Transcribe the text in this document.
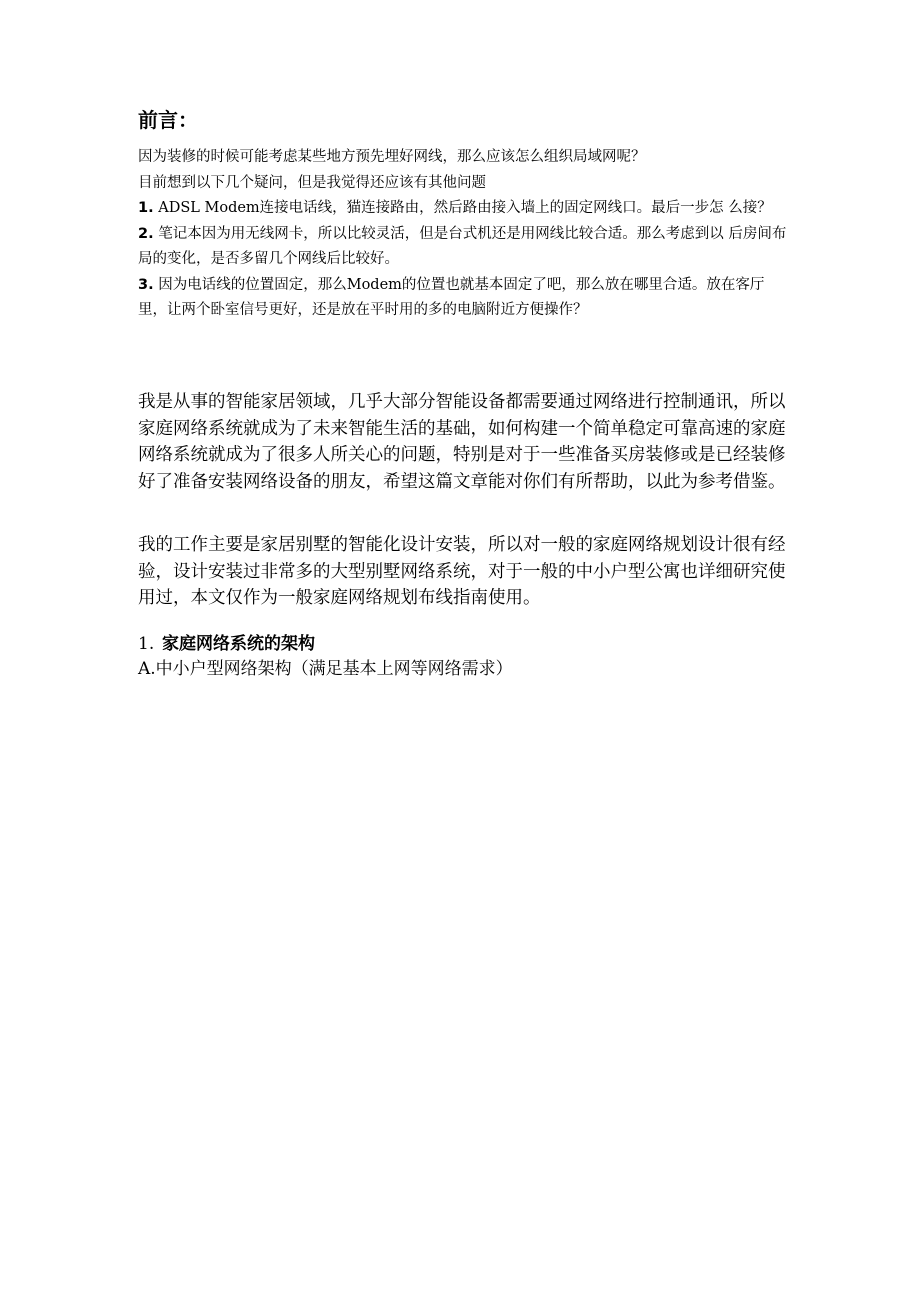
前言：

因为装修的时候可能考虑某些地方预先埋好网线，那么应该怎么组织局域网呢？

目前想到以下几个疑问，但是我觉得还应该有其他问题

1. ADSL Modem连接电话线，猫连接路由，然后路由接入墙上的固定网线口。最后一步怎 么接？

2. 笔记本因为用无线网卡，所以比较灵活，但是台式机还是用网线比较合适。那么考虑到以 后房间布局的变化，是否多留几个网线后比较好。

3. 因为电话线的位置固定，那么Modem的位置也就基本固定了吧，那么放在哪里合适。放在客厅里，让两个卧室信号更好，还是放在平时用的多的电脑附近方便操作？

我是从事的智能家居领域，几乎大部分智能设备都需要通过网络进行控制通讯，所以家庭网络系统就成为了未来智能生活的基础，如何构建一个简单稳定可靠高速的家庭网络系统就成为了很多人所关心的问题，特别是对于一些准备买房装修或是已经装修好了准备安装网络设备的朋友，希望这篇文章能对你们有所帮助，以此为参考借鉴。

我的工作主要是家居别墅的智能化设计安装，所以对一般的家庭网络规划设计很有经验，设计安装过非常多的大型别墅网络系统，对于一般的中小户型公寓也详细研究使用过，本文仅作为一般家庭网络规划布线指南使用。

1. 家庭网络系统的架构
A.中小户型网络架构（满足基本上网等网络需求）
